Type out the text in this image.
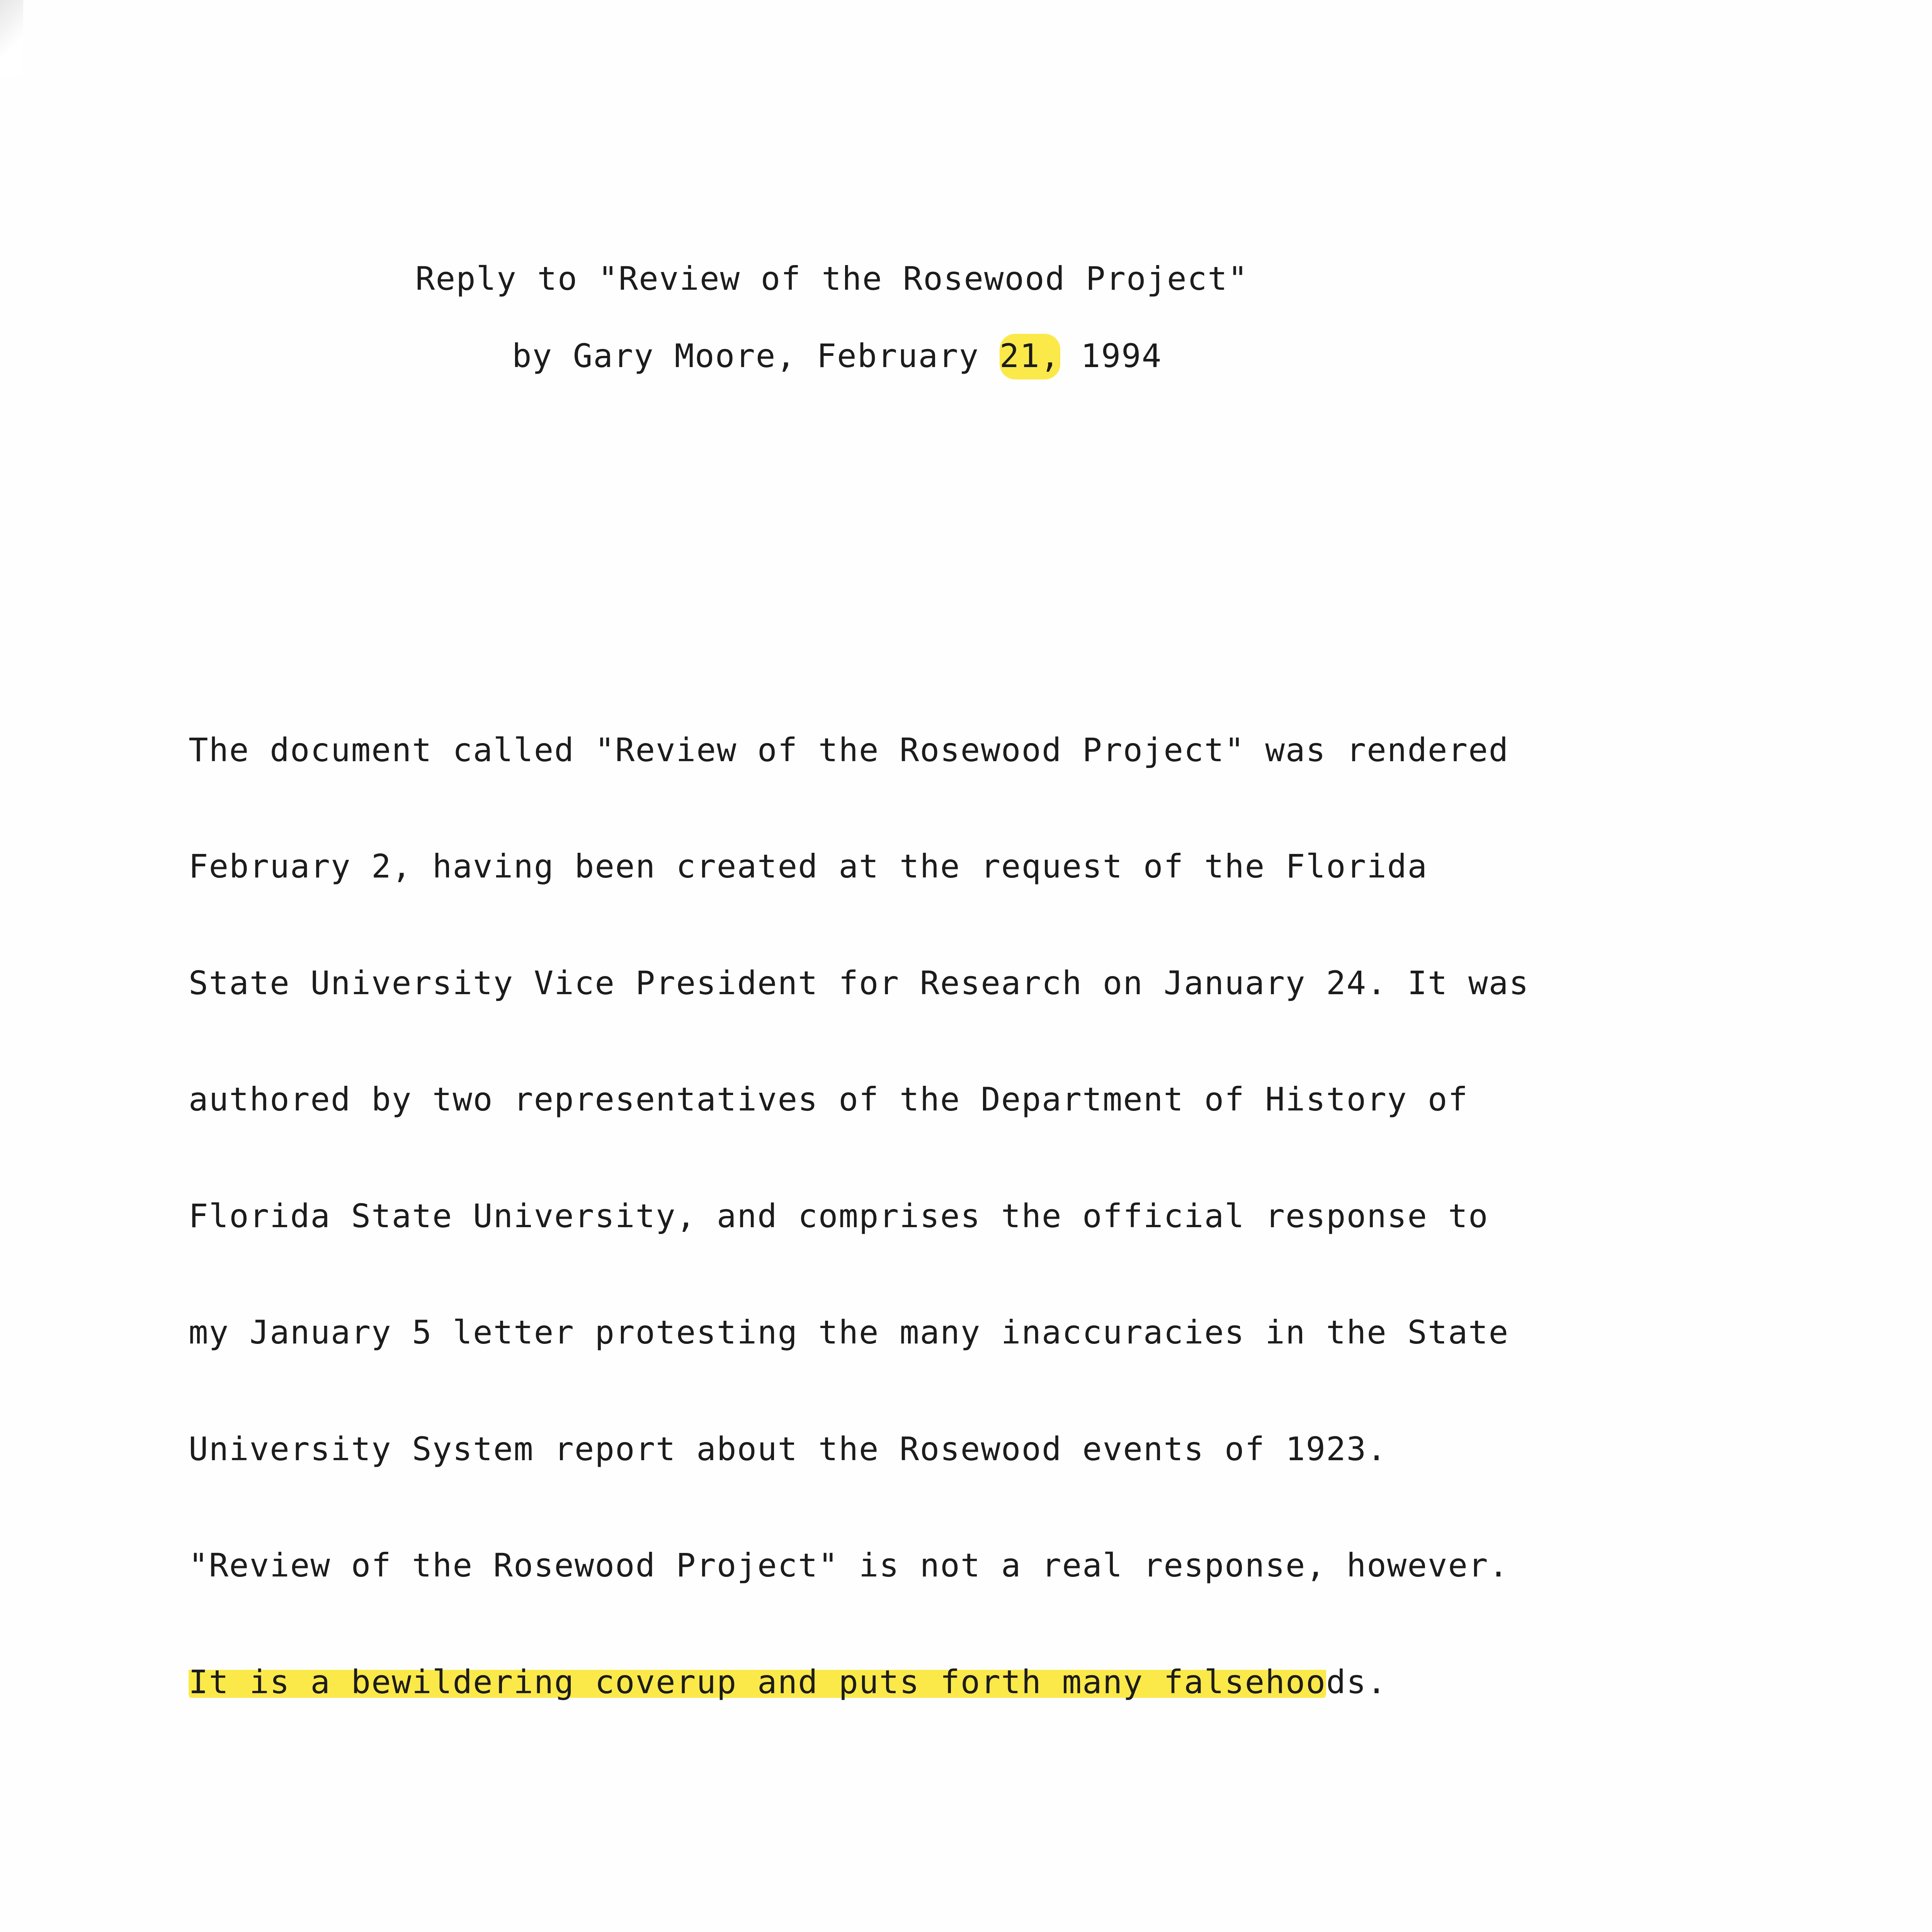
Reply to "Review of the Rosewood Project"
by Gary Moore, February 21, 1994

The document called "Review of the Rosewood Project" was rendered

February 2, having been created at the request of the Florida

State University Vice President for Research on January 24. It was

authored by two representatives of the Department of History of

Florida State University, and comprises the official response to

my January 5 letter protesting the many inaccuracies in the State

University System report about the Rosewood events of 1923.

"Review of the Rosewood Project" is not a real response, however.

It is a bewildering coverup and puts forth many falsehoods.
